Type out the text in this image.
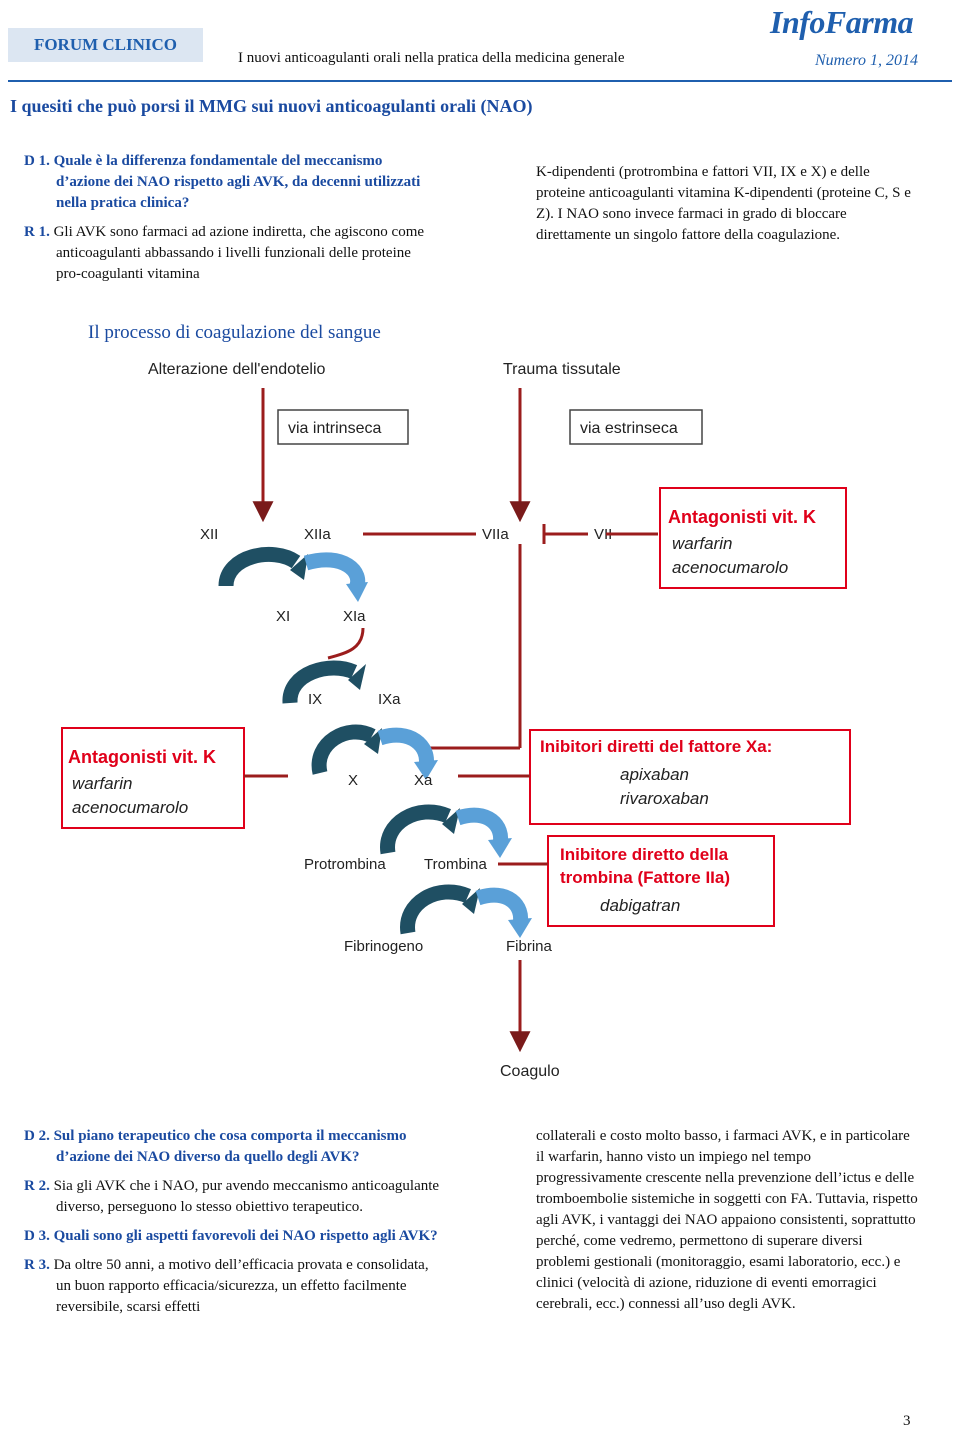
FORUM CLINICO
I nuovi anticoagulanti orali nella pratica della medicina generale
InfoFarma
Numero 1, 2014
I quesiti che può porsi il MMG sui nuovi anticoagulanti orali (NAO)

D 1. Quale è la differenza fondamentale del meccanismo d’azione dei NAO rispetto agli AVK, da decenni utilizzati nella pratica clinica?

R 1. Gli AVK sono farmaci ad azione indiretta, che agiscono come anticoagulanti abbassando i livelli funzionali delle proteine pro-coagulanti vitamina

K-dipendenti (protrombina e fattori VII, IX e X) e delle proteine anticoagulanti vitamina K-dipendenti (proteine C, S e Z). I NAO sono invece farmaci in grado di bloccare direttamente un singolo fattore della coagulazione.

Il processo di coagulazione del sangue
Alterazione dell'endotelio	Trauma tissutale
via intrinseca	via estrinseca
XII	XIIa	VIIa	VII
XI	XIa
IX	IXa
X	Xa
Protrombina	Trombina
Fibrinogeno	Fibrina
Coagulo
Antagonisti vit. K
warfarin
acenocumarolo
Antagonisti vit. K
warfarin
acenocumarolo
Inibitori diretti del fattore Xa:
apixaban
rivaroxaban
Inibitore diretto della
trombina (Fattore IIa)
dabigatran

D 2. Sul piano terapeutico che cosa comporta il meccanismo d’azione dei NAO diverso da quello degli AVK?

R 2. Sia gli AVK che i NAO, pur avendo meccanismo anticoagulante diverso, perseguono lo stesso obiettivo terapeutico.

D 3. Quali sono gli aspetti favorevoli dei NAO rispetto agli AVK?

R 3. Da oltre 50 anni, a motivo dell’efficacia provata e consolidata, un buon rapporto efficacia/sicurezza, un effetto facilmente reversibile, scarsi effetti

collaterali e costo molto basso, i farmaci AVK, e in particolare il warfarin, hanno visto un impiego nel tempo progressivamente crescente nella prevenzione dell’ictus e delle tromboembolie sistemiche in soggetti con FA. Tuttavia, rispetto agli AVK, i vantaggi dei NAO appaiono consistenti, soprattutto perché, come vedremo, permettono di superare diversi problemi gestionali (monitoraggio, esami laboratorio, ecc.) e clinici (velocità di azione, riduzione di eventi emorragici cerebrali, ecc.) connessi all’uso degli AVK.

3
